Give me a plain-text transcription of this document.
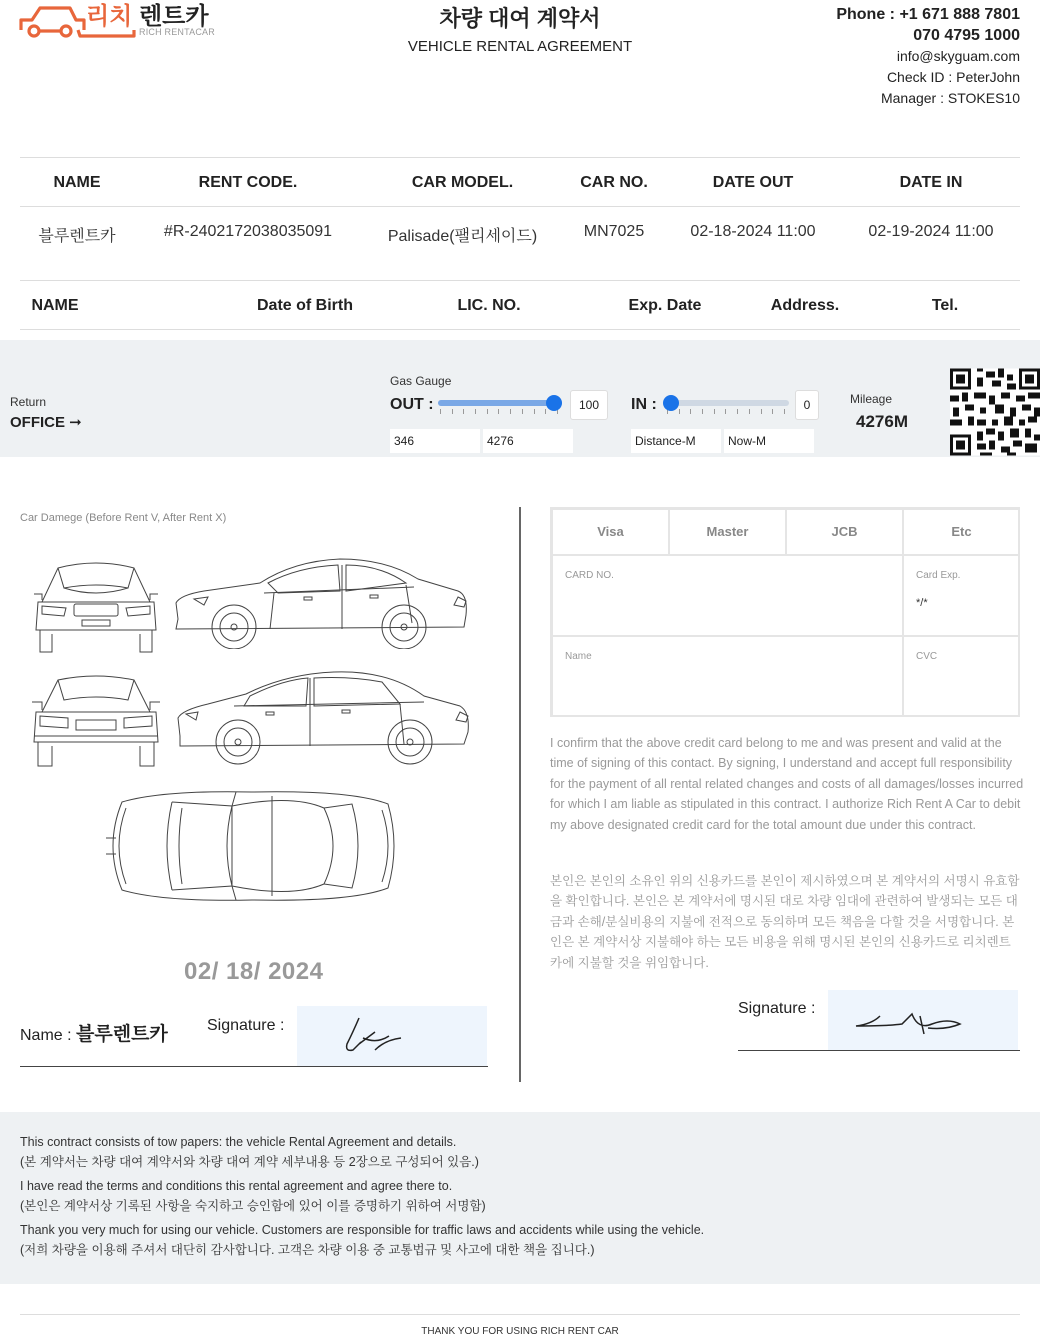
리치 렌트카
RICH RENTACAR
차량 대여 계약서
VEHICLE RENTAL AGREEMENT
Phone : +1 671 888 7801
070 4795 1000
info@skyguam.com
Check ID : PeterJohn
Manager : STOKES10
NAME	RENT CODE.	CAR MODEL.	CAR NO.	DATE OUT	DATE IN
블루렌트카	#R-2402172038035091	Palisade(팰리세이드)	MN7025	02-18-2024 11:00	02-19-2024 11:00
NAME	Date of Birth	LIC. NO.	Exp. Date	Address.	Tel.
Return
OFFICE ➞
Gas Gauge
OUT :	100	IN :	0
346	4276	Distance-M	Now-M
Mileage
4276M
Car Damege (Before Rent V, After Rent X)
02/ 18/ 2024
Name : 블루렌트카 Signature :
Visa	Master	JCB	Etc
CARD NO.	Card Exp.
*/*
Name	CVC
I confirm that the above credit card belong to me and was present and valid at the time of signing of this contact. By signing, I understand and accept full responsibility for the payment of all rental related changes and costs of all damages/losses incurred for which I am liable as stipulated in this contract. I authorize Rich Rent A Car to debit my above designated credit card for the total amount due under this contract.
본인은 본인의 소유인 위의 신용카드를 본인이 제시하였으며 본 계약서의 서명시 유효함을 확인합니다. 본인은 본 계약서에 명시된 대로 차량 임대에 관련하여 발생되는 모든 대금과 손해/분실비용의 지불에 전적으로 동의하며 모든 책음을 다할 것을 서명합니다. 본인은 본 계약서상 지불해야 하는 모든 비용을 위해 명시된 본인의 신용카드로 리치렌트카에 지불할 것을 위임합니다.
Signature :
This contract consists of tow papers: the vehicle Rental Agreement and details.
(본 계약서는 차량 대여 계약서와 차량 대여 계약 세부내용 등 2장으로 구성되어 있음.)
I have read the terms and conditions this rental agreement and agree there to.
(본인은 계약서상 기록된 사항을 숙지하고 승인함에 있어 이를 증명하기 위하여 서명함)
Thank you very much for using our vehicle. Customers are responsible for traffic laws and accidents while using the vehicle.
(저희 차량을 이용해 주셔서 대단히 감사합니다. 고객은 차량 이용 중 교통법규 및 사고에 대한 책을 집니다.)
THANK YOU FOR USING RICH RENT CAR
